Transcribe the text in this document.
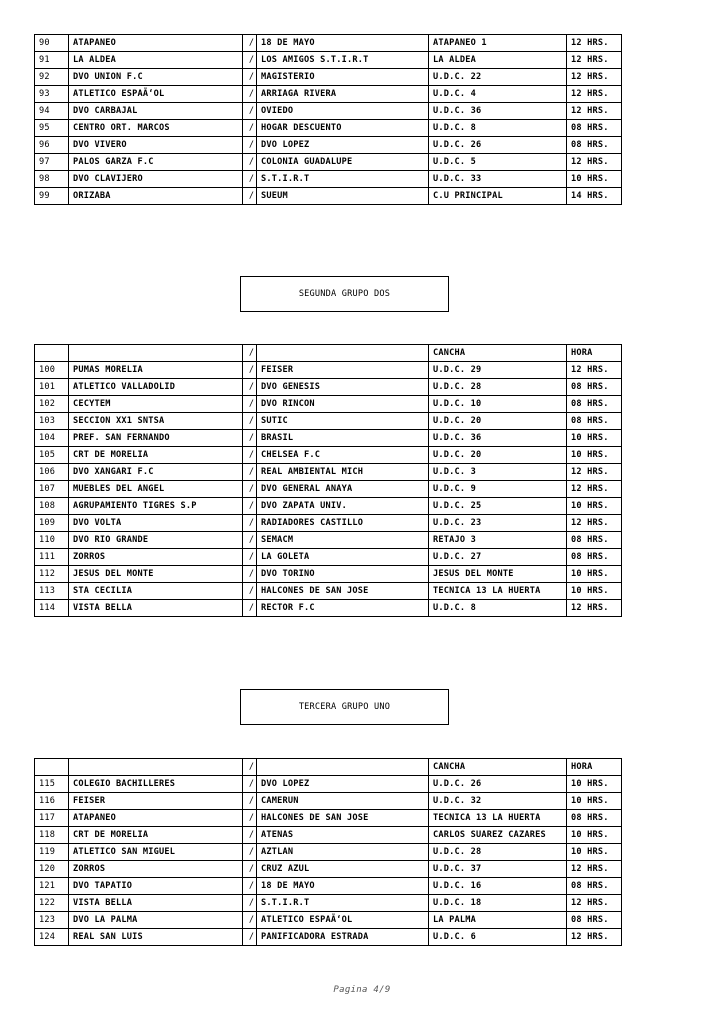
90	ATAPANEO	/	18 DE MAYO	ATAPANEO 1	12 HRS.
91	LA ALDEA	/	LOS AMIGOS S.T.I.R.T	LA ALDEA	12 HRS.
92	DVO UNION F.C	/	MAGISTERIO	U.D.C. 22	12 HRS.
93	ATLETICO ESPAÃ‘OL	/	ARRIAGA RIVERA	U.D.C. 4	12 HRS.
94	DVO CARBAJAL	/	OVIEDO	U.D.C. 36	12 HRS.
95	CENTRO ORT. MARCOS	/	HOGAR DESCUENTO	U.D.C. 8	08 HRS.
96	DVO VIVERO	/	DVO LOPEZ	U.D.C. 26	08 HRS.
97	PALOS GARZA F.C	/	COLONIA GUADALUPE	U.D.C. 5	12 HRS.
98	DVO CLAVIJERO	/	S.T.I.R.T	U.D.C. 33	10 HRS.
99	ORIZABA	/	SUEUM	C.U PRINCIPAL	14 HRS.
SEGUNDA GRUPO DOS
		/		CANCHA	HORA
100	PUMAS MORELIA	/	FEISER	U.D.C. 29	12 HRS.
101	ATLETICO VALLADOLID	/	DVO GENESIS	U.D.C. 28	08 HRS.
102	CECYTEM	/	DVO RINCON	U.D.C. 10	08 HRS.
103	SECCION XX1 SNTSA	/	SUTIC	U.D.C. 20	08 HRS.
104	PREF. SAN FERNANDO	/	BRASIL	U.D.C. 36	10 HRS.
105	CRT DE MORELIA	/	CHELSEA F.C	U.D.C. 20	10 HRS.
106	DVO XANGARI F.C	/	REAL AMBIENTAL MICH	U.D.C. 3	12 HRS.
107	MUEBLES DEL ANGEL	/	DVO GENERAL ANAYA	U.D.C. 9	12 HRS.
108	AGRUPAMIENTO TIGRES S.P	/	DVO ZAPATA UNIV.	U.D.C. 25	10 HRS.
109	DVO VOLTA	/	RADIADORES CASTILLO	U.D.C. 23	12 HRS.
110	DVO RIO GRANDE	/	SEMACM	RETAJO 3	08 HRS.
111	ZORROS	/	LA GOLETA	U.D.C. 27	08 HRS.
112	JESUS DEL MONTE	/	DVO TORINO	JESUS DEL MONTE	10 HRS.
113	STA CECILIA	/	HALCONES DE SAN JOSE	TECNICA 13 LA HUERTA	10 HRS.
114	VISTA BELLA	/	RECTOR F.C	U.D.C. 8	12 HRS.
TERCERA GRUPO UNO
		/		CANCHA	HORA
115	COLEGIO BACHILLERES	/	DVO LOPEZ	U.D.C. 26	10 HRS.
116	FEISER	/	CAMERUN	U.D.C. 32	10 HRS.
117	ATAPANEO	/	HALCONES DE SAN JOSE	TECNICA 13 LA HUERTA	08 HRS.
118	CRT DE MORELIA	/	ATENAS	CARLOS SUAREZ CAZARES	10 HRS.
119	ATLETICO SAN MIGUEL	/	AZTLAN	U.D.C. 28	10 HRS.
120	ZORROS	/	CRUZ AZUL	U.D.C. 37	12 HRS.
121	DVO TAPATIO	/	18 DE MAYO	U.D.C. 16	08 HRS.
122	VISTA BELLA	/	S.T.I.R.T	U.D.C. 18	12 HRS.
123	DVO LA PALMA	/	ATLETICO ESPAÃ‘OL	LA PALMA	08 HRS.
124	REAL SAN LUIS	/	PANIFICADORA ESTRADA	U.D.C. 6	12 HRS.
Pagina 4/9
